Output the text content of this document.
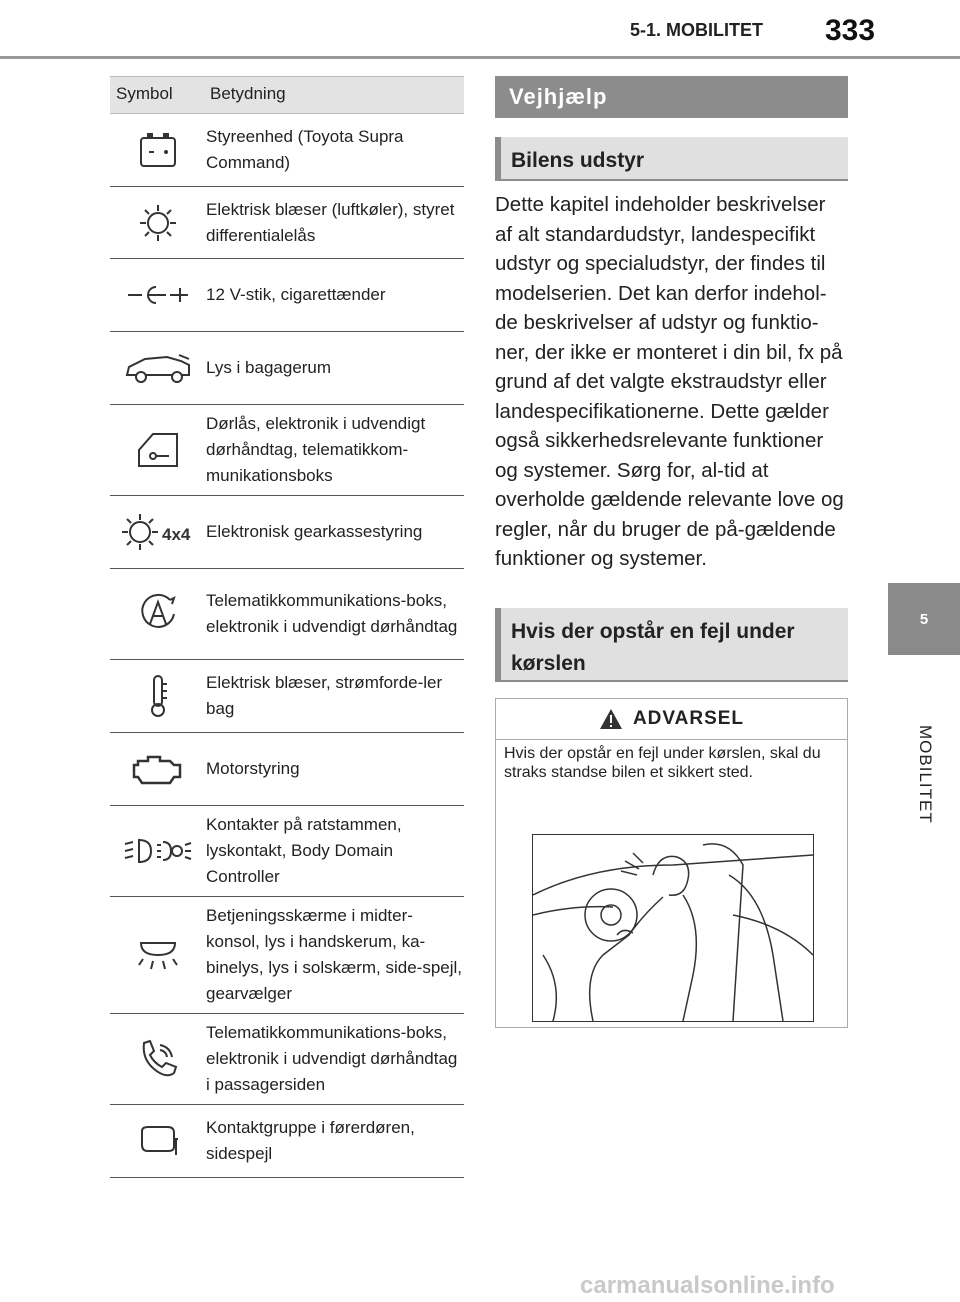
5-1. MOBILITET 333
5
MOBILITET
Symbol Betydning
Styreenhed (Toyota Supra Command)
Elektrisk blæser (luftkøler), styret differentialelås
12 V-stik, cigarettænder
Lys i bagagerum
Dørlås, elektronik i udvendigt dørhåndtag, telematikkom-munikationsboks
4x4 Elektronisk gearkassestyring
Telematikkommunikations-boks, elektronik i udvendigt dørhåndtag
Elektrisk blæser, strømforde-ler bag
Motorstyring
Kontakter på ratstammen, lyskontakt, Body Domain Controller
Betjeningsskærme i midter-konsol, lys i handskerum, ka-binelys, lys i solskærm, side-spejl, gearvælger
Telematikkommunikations-boks, elektronik i udvendigt dørhåndtag i passagersiden
Kontaktgruppe i førerdøren, sidespejl
Vejhjælp
Bilens udstyr
Dette kapitel indeholder beskrivelser af alt standardudstyr, landespecifikt udstyr og specialudstyr, der findes til modelserien. Det kan derfor indehol-de beskrivelser af udstyr og funktio-ner, der ikke er monteret i din bil, fx på grund af det valgte ekstraudstyr eller landespecifikationerne. Dette gælder også sikkerhedsrelevante funktioner og systemer. Sørg for, al-tid at overholde gældende relevante love og regler, når du bruger de på-gældende funktioner og systemer.
Hvis der opstår en fejl under kørslen
ADVARSEL
Hvis der opstår en fejl under kørslen, skal du straks standse bilen et sikkert sted.
carmanualsonline.info
